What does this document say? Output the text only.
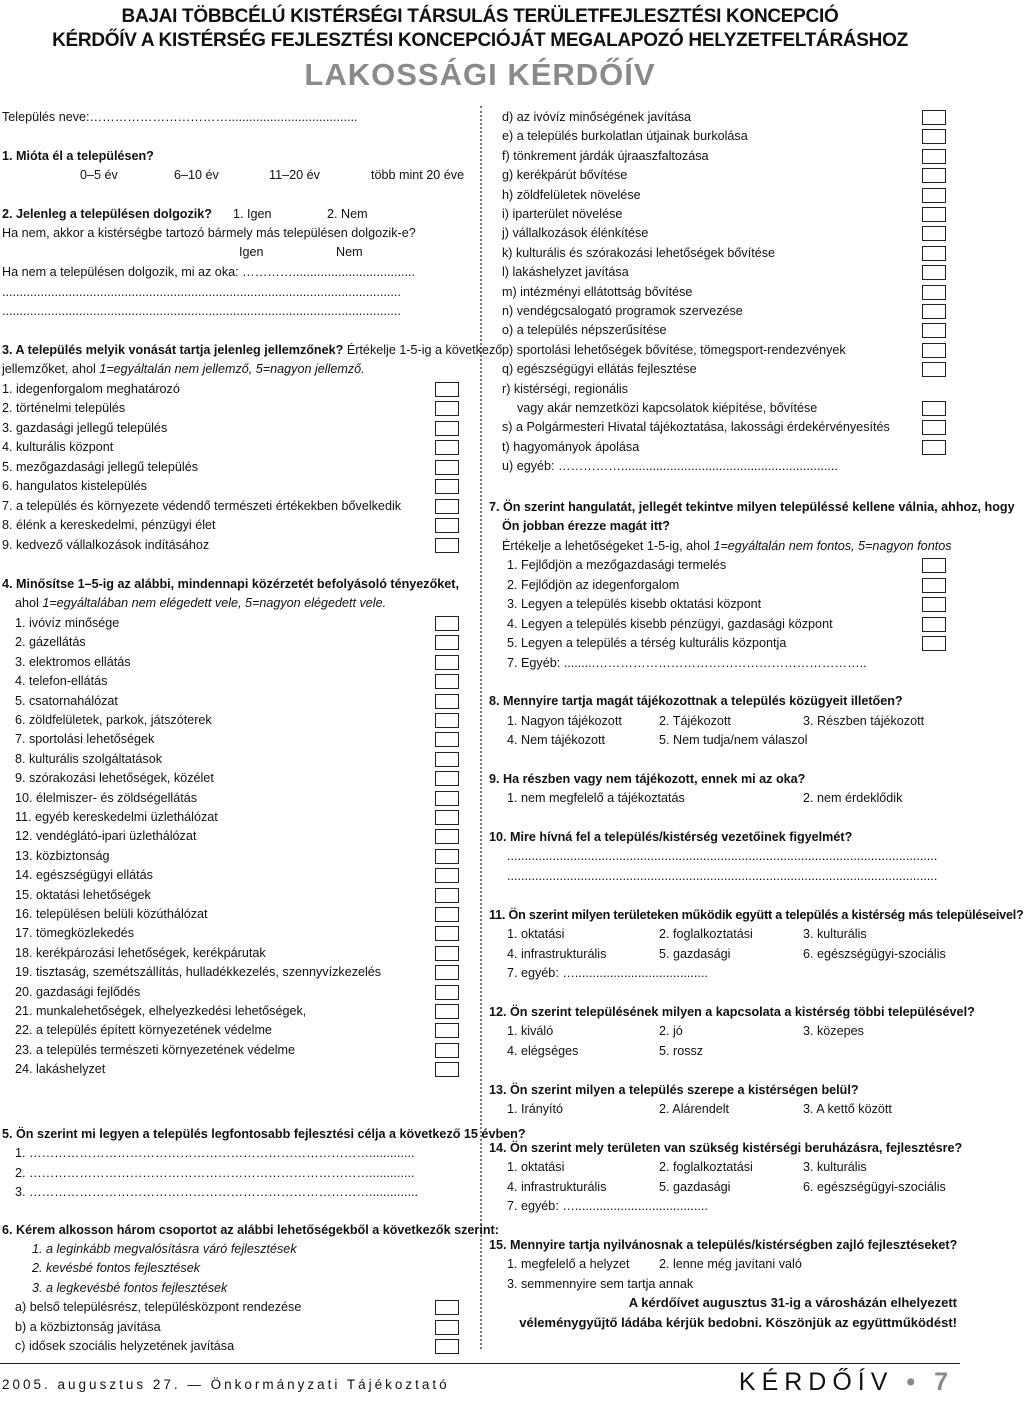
BAJAI TÖBBCÉLÚ KISTÉRSÉGI TÁRSULÁS TERÜLETFEJLESZTÉSI KONCEPCIÓ
KÉRDŐÍV A KISTÉRSÉG FEJLESZTÉSI KONCEPCIÓJÁT MEGALAPOZÓ HELYZETFELTÁRÁSHOZ
LAKOSSÁGI KÉRDŐÍV
Település neve:…………………………….....................................
1. Mióta él a településen?
0–5 év	6–10 év	11–20 év	több mint 20 éve
2. Jelenleg a településen dolgozik? 1. Igen	2. Nem
Ha nem, akkor a kistérségbe tartozó bármely más településen dolgozik-e?
Igen	Nem
Ha nem a településen dolgozik, mi az oka: …………...................................
..................................................................................................................
..................................................................................................................
3. A település melyik vonását tartja jelenleg jellemzőnek? Értékelje 1-5-ig a következő
jellemzőket, ahol 1=egyáltalán nem jellemző, 5=nagyon jellemző.
1. idegenforgalom meghatározó
2. történelmi település
3. gazdasági jellegű település
4. kulturális központ
5. mezőgazdasági jellegű település
6. hangulatos kistelepülés
7. a település és környezete védendő természeti értékekben bővelkedik
8. élénk a kereskedelmi, pénzügyi élet
9. kedvező vállalkozások indításához
4. Minősítse 1–5-ig az alábbi, mindennapi közérzetét befolyásoló tényezőket,
ahol 1=egyáltalában nem elégedett vele, 5=nagyon elégedett vele.
1. ivóvíz minősége
2. gázellátás
3. elektromos ellátás
4. telefon-ellátás
5. csatornahálózat
6. zöldfelületek, parkok, játszóterek
7. sportolási lehetőségek
8. kulturális szolgáltatások
9. szórakozási lehetőségek, közélet
10. élelmiszer- és zöldségellátás
11. egyéb kereskedelmi üzlethálózat
12. vendéglátó-ipari üzlethálózat
13. közbiztonság
14. egészségügyi ellátás
15. oktatási lehetőségek
16. településen belüli közúthálózat
17. tömegközlekedés
18. kerékpározási lehetőségek, kerékpárutak
19. tisztaság, szemétszállítás, hulladékkezelés, szennyvízkezelés
20. gazdasági fejlődés
21. munkalehetőségek, elhelyezkedési lehetőségek,
22. a település épített környezetének védelme
23. a település természeti környezetének védelme
24. lakáshelyzet
5. Ön szerint mi legyen a település legfontosabb fejlesztési célja a következő 15 évben?
1. ……………………………………………………………………….............
2. ……………………………………………………………………….............
3. ………………………………………………………………………..............
6. Kérem alkosson három csoportot az alábbi lehetőségekből a következők szerint:
1. a leginkább megvalósításra váró fejlesztések
2. kevésbé fontos fejlesztések
3. a legkevésbé fontos fejlesztések
a) belső településrész, településközpont rendezése
b) a közbiztonság javítása
c) idősek szociális helyzetének javítása
d) az ivóvíz minőségének javítása
e) a település burkolatlan útjainak burkolása
f) tönkrement járdák újraaszfaltozása
g) kerékpárút bővítése
h) zöldfelületek növelése
i) iparterület növelése
j) vállalkozások élénkítése
k) kulturális és szórakozási lehetőségek bővítése
l) lakáshelyzet javítása
m) intézményi ellátottság bővítése
n) vendégcsalogató programok szervezése
o) a település népszerűsítése
p) sportolási lehetőségek bővítése, tömegsport-rendezvények
q) egészségügyi ellátás fejlesztése
r) kistérségi, regionális
vagy akár nemzetközi kapcsolatok kiépítése, bővítése
s) a Polgármesteri Hivatal tájékoztatása, lakossági érdekérvényesítés
t) hagyományok ápolása
u) egyéb: ……………..............................................................
7. Ön szerint hangulatát, jellegét tekintve milyen településsé kellene válnia, ahhoz, hogy
Ön jobban érezze magát itt?
Értékelje a lehetőségeket 1-5-ig, ahol 1=egyáltalán nem fontos, 5=nagyon fontos
1. Fejlődjön a mezőgazdasági termelés
2. Fejlődjön az idegenforgalom
3. Legyen a település kisebb oktatási központ
4. Legyen a település kisebb pénzügyi, gazdasági központ
5. Legyen a település a térség kulturális központja
7. Egyéb: .........………………………………………………………..
8. Mennyire tartja magát tájékozottnak a település közügyeit illetően?
1. Nagyon tájékozott	2. Tájékozott	3. Részben tájékozott
4. Nem tájékozott	5. Nem tudja/nem válaszol
9. Ha részben vagy nem tájékozott, ennek mi az oka?
1. nem megfelelő a tájékoztatás	2. nem érdeklődik
10. Mire hívná fel a település/kistérség vezetőinek figyelmét?
...........................................................................................................................
...........................................................................................................................
11. Ön szerint milyen területeken működik együtt a település a kistérség más településeivel?
1. oktatási	2. foglalkoztatási	3. kulturális
4. infrastrukturális	5. gazdasági	6. egészségügyi-szociális
7. egyéb: …......................................
12. Ön szerint településének milyen a kapcsolata a kistérség többi településével?
1. kiváló	2. jó	3. közepes
4. elégséges	5. rossz
13. Ön szerint milyen a település szerepe a kistérségen belül?
1. Irányító	2. Alárendelt	3. A kettő között
14. Ön szerint mely területen van szükség kistérségi beruházásra, fejlesztésre?
1. oktatási	2. foglalkoztatási	3. kulturális
4. infrastrukturális	5. gazdasági	6. egészségügyi-szociális
7. egyéb: …......................................
15. Mennyire tartja nyilvánosnak a település/kistérségben zajló fejlesztéseket?
1. megfelelő a helyzet 2. lenne még javítani való
3. semmennyire sem tartja annak
A kérdőívet augusztus 31-ig a városházán elhelyezett
véleménygyűjtő ládába kérjük bedobni. Köszönjük az együttműködést!
2005. augusztus 27. — Önkormányzati Tájékoztató	KÉRDŐÍV • 7
